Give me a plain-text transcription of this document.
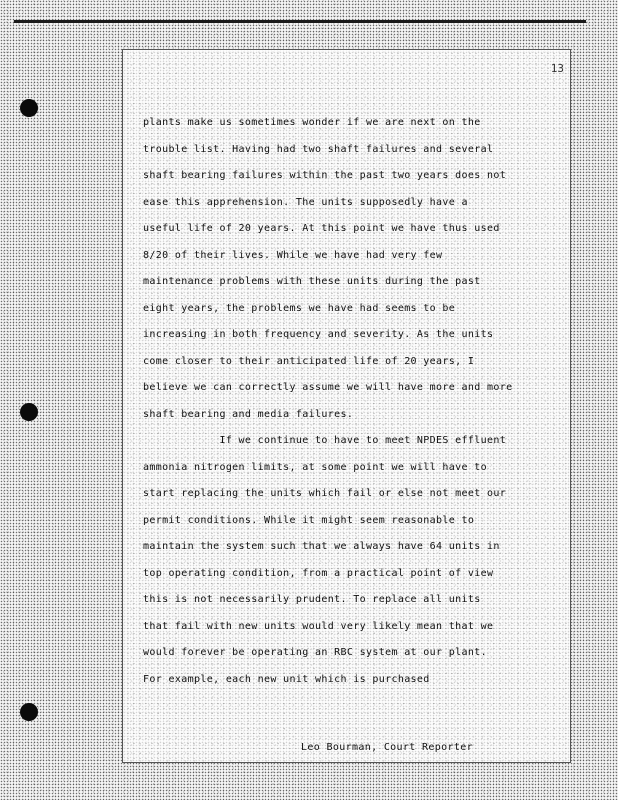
13
plants make us sometimes wonder if we are next on the
trouble list. Having had two shaft failures and several
shaft bearing failures within the past two years does not
ease this apprehension. The units supposedly have a
useful life of 20 years. At this point we have thus used
8/20 of their lives. While we have had very few
maintenance problems with these units during the past
eight years, the problems we have had seems to be
increasing in both frequency and severity. As the units
come closer to their anticipated life of 20 years, I
believe we can correctly assume we will have more and more
shaft bearing and media failures.
If we continue to have to meet NPDES effluent
ammonia nitrogen limits, at some point we will have to
start replacing the units which fail or else not meet our
permit conditions. While it might seem reasonable to
maintain the system such that we always have 64 units in
top operating condition, from a practical point of view
this is not necessarily prudent. To replace all units
that fail with new units would very likely mean that we
would forever be operating an RBC system at our plant.
For example, each new unit which is purchased
Leo Bourman, Court Reporter
